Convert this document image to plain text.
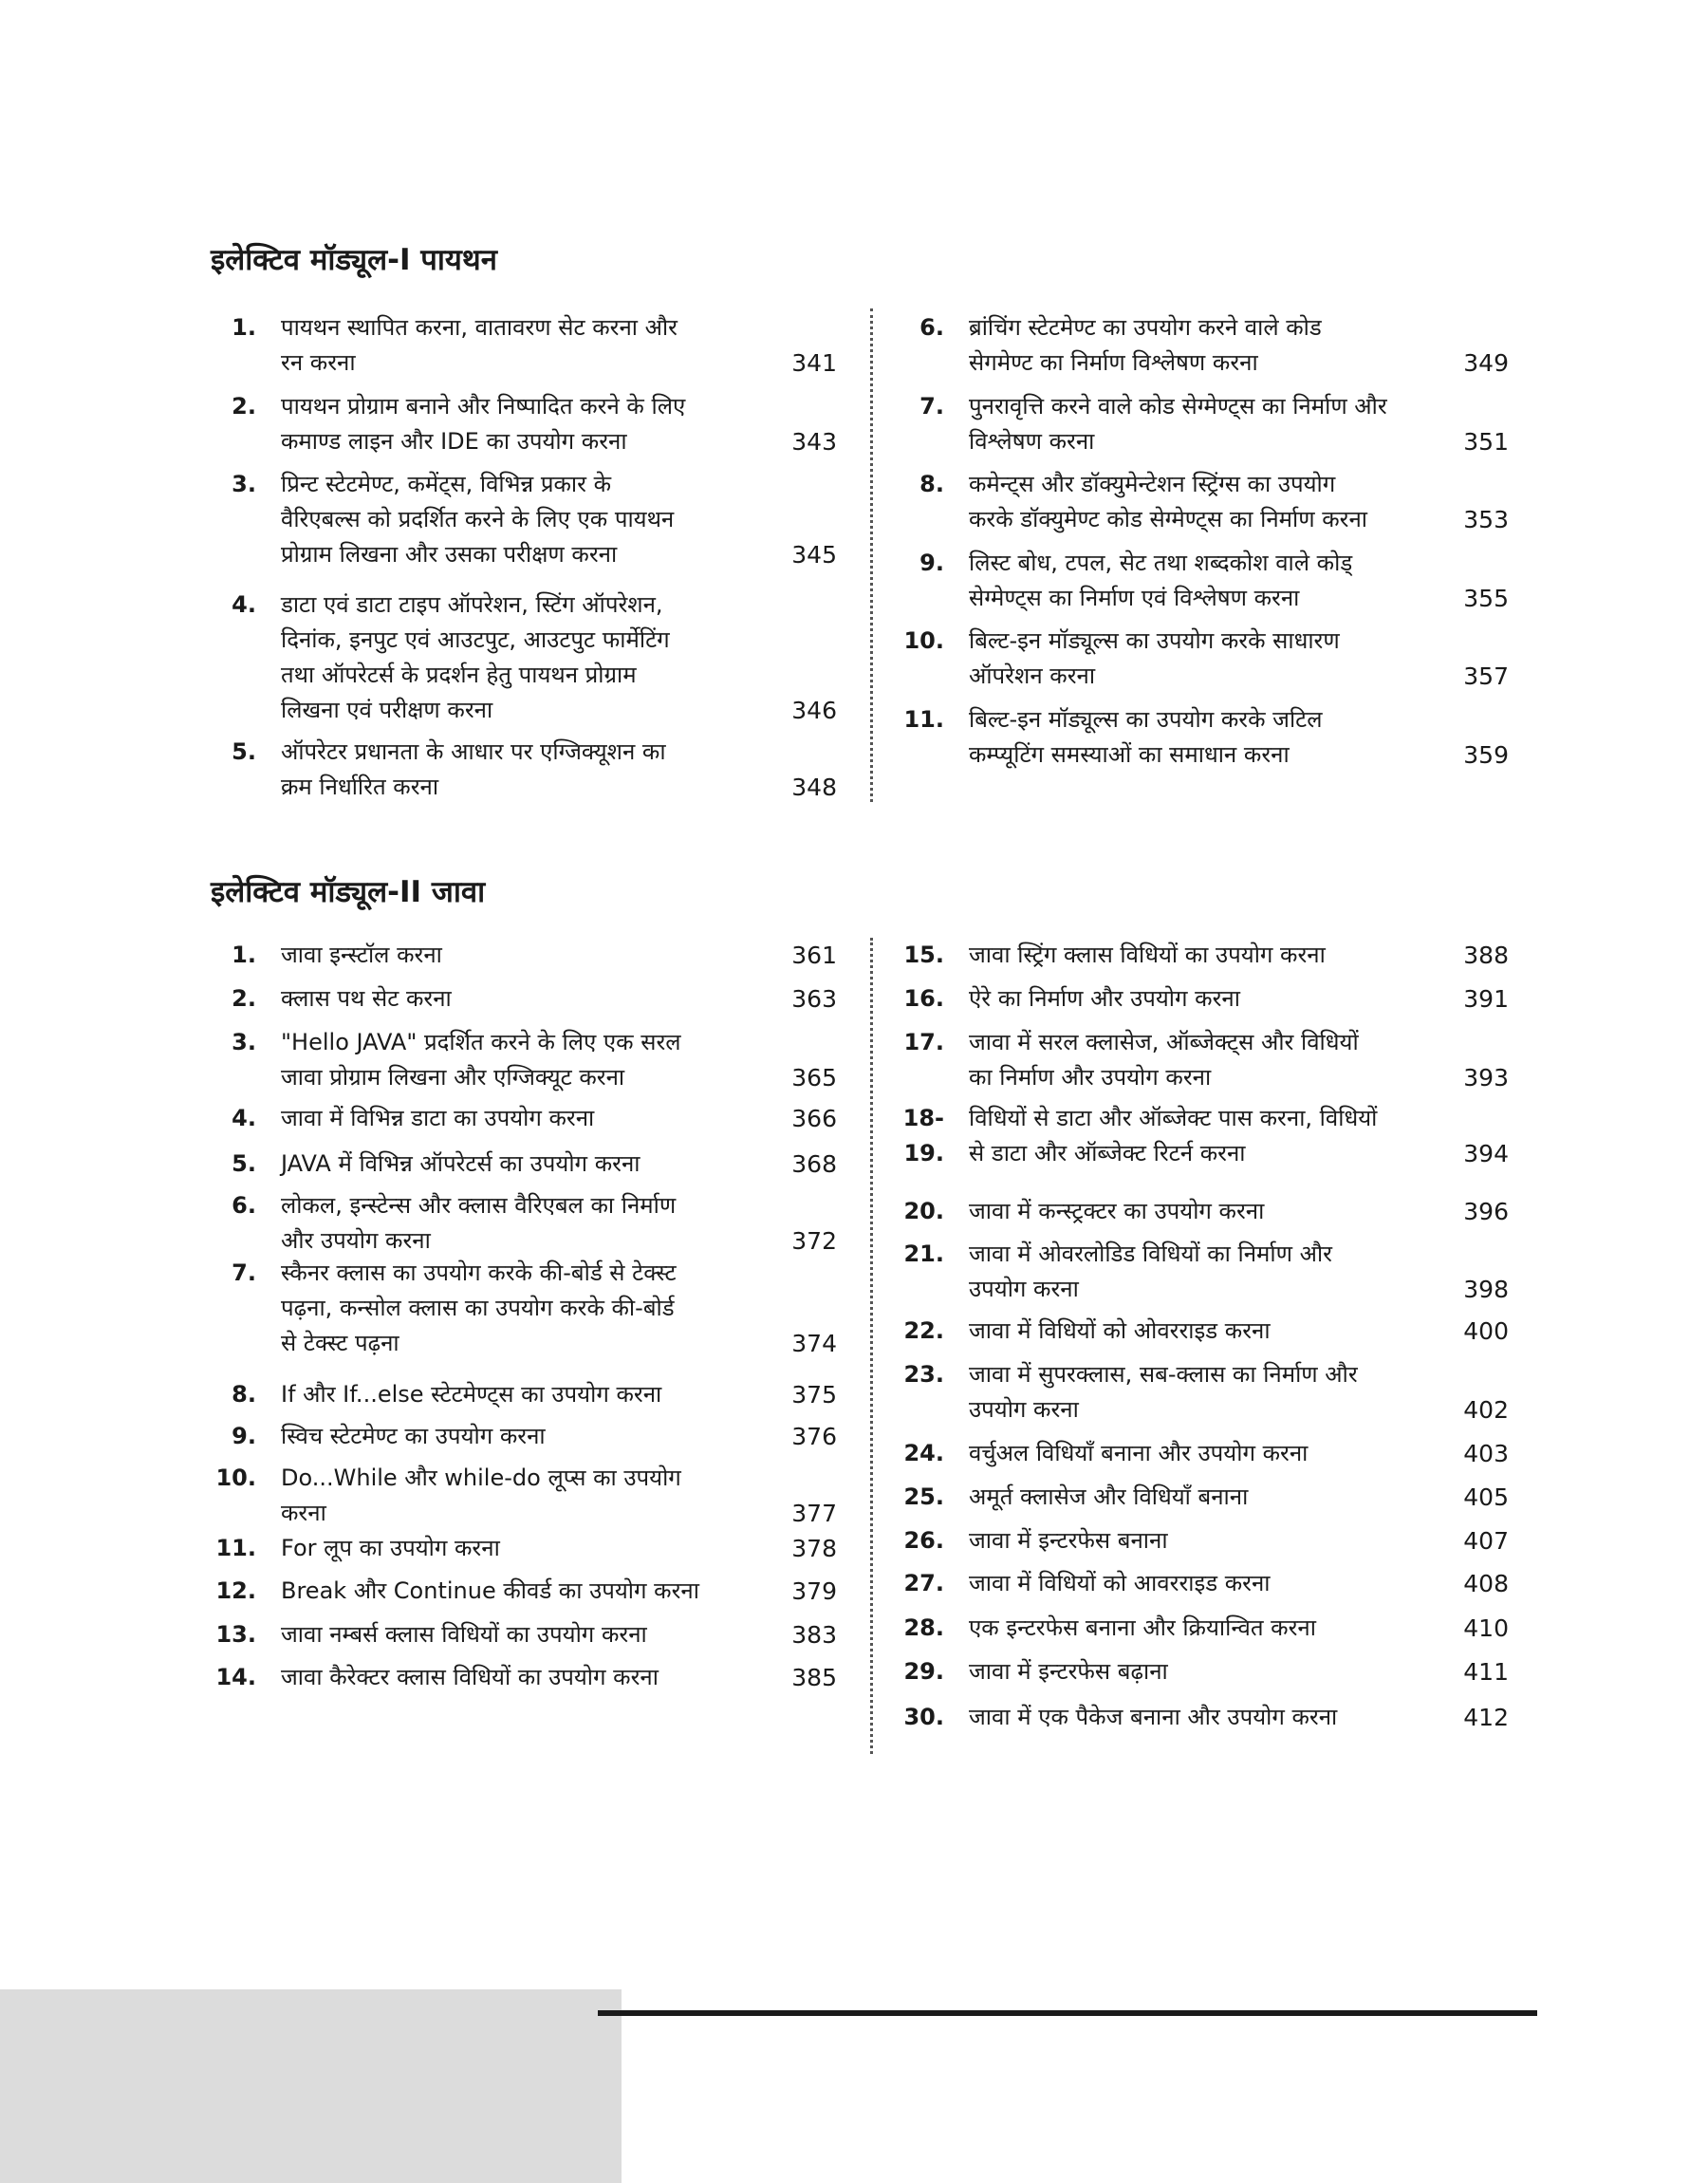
इलेक्टिव मॉड्यूल-I पायथन
1. पायथन स्थापित करना, वातावरण सेट करना और
रन करना	341
2. पायथन प्रोग्राम बनाने और निष्पादित करने के लिए
कमाण्ड लाइन और IDE का उपयोग करना	343
3. प्रिन्ट स्टेटमेण्ट, कमेंट्स, विभिन्न प्रकार के
वैरिएबल्स को प्रदर्शित करने के लिए एक पायथन
प्रोग्राम लिखना और उसका परीक्षण करना	345
4. डाटा एवं डाटा टाइप ऑपरेशन, स्टिंग ऑपरेशन,
दिनांक, इनपुट एवं आउटपुट, आउटपुट फार्मेटिंग
तथा ऑपरेटर्स के प्रदर्शन हेतु पायथन प्रोग्राम
लिखना एवं परीक्षण करना	346
5. ऑपरेटर प्रधानता के आधार पर एग्जिक्यूशन का
क्रम निर्धारित करना	348
6. ब्रांचिंग स्टेटमेण्ट का उपयोग करने वाले कोड
सेगमेण्ट का निर्माण विश्लेषण करना	349
7. पुनरावृत्ति करने वाले कोड सेग्मेण्ट्स का निर्माण और
विश्लेषण करना	351
8. कमेन्ट्स और डॉक्युमेन्टेशन स्ट्रिंग्स का उपयोग
करके डॉक्युमेण्ट कोड सेग्मेण्ट्स का निर्माण करना	353
9. लिस्ट बोध, टपल, सेट तथा शब्दकोश वाले कोड्
सेग्मेण्ट्स का निर्माण एवं विश्लेषण करना	355
10. बिल्ट-इन मॉड्यूल्स का उपयोग करके साधारण
ऑपरेशन करना	357
11. बिल्ट-इन मॉड्यूल्स का उपयोग करके जटिल
कम्प्यूटिंग समस्याओं का समाधान करना	359
इलेक्टिव मॉड्यूल-II जावा
1. जावा इन्स्टॉल करना	361
2. क्लास पथ सेट करना	363
3. "Hello JAVA" प्रदर्शित करने के लिए एक सरल
जावा प्रोग्राम लिखना और एग्जिक्यूट करना	365
4. जावा में विभिन्न डाटा का उपयोग करना	366
5. JAVA में विभिन्न ऑपरेटर्स का उपयोग करना	368
6. लोकल, इन्स्टेन्स और क्लास वैरिएबल का निर्माण
और उपयोग करना	372
7. स्कैनर क्लास का उपयोग करके की-बोर्ड से टेक्स्ट
पढ़ना, कन्सोल क्लास का उपयोग करके की-बोर्ड
से टेक्स्ट पढ़ना	374
8. If और If...else स्टेटमेण्ट्स का उपयोग करना	375
9. स्विच स्टेटमेण्ट का उपयोग करना	376
10. Do...While और while-do लूप्स का उपयोग
करना	377
11. For लूप का उपयोग करना	378
12. Break और Continue कीवर्ड का उपयोग करना	379
13. जावा नम्बर्स क्लास विधियों का उपयोग करना	383
14. जावा कैरेक्टर क्लास विधियों का उपयोग करना	385
15. जावा स्ट्रिंग क्लास विधियों का उपयोग करना	388
16. ऐरे का निर्माण और उपयोग करना	391
17. जावा में सरल क्लासेज, ऑब्जेक्ट्स और विधियों
का निर्माण और उपयोग करना	393
18-19.
विधियों से डाटा और ऑब्जेक्ट पास करना, विधियों
से डाटा और ऑब्जेक्ट रिटर्न करना	394
20. जावा में कन्स्ट्रक्टर का उपयोग करना	396
21. जावा में ओवरलोडिड विधियों का निर्माण और
उपयोग करना	398
22. जावा में विधियों को ओवरराइड करना	400
23. जावा में सुपरक्लास, सब-क्लास का निर्माण और
उपयोग करना	402
24. वर्चुअल विधियाँ बनाना और उपयोग करना	403
25. अमूर्त क्लासेज और विधियाँ बनाना	405
26. जावा में इन्टरफेस बनाना	407
27. जावा में विधियों को आवरराइड करना	408
28. एक इन्टरफेस बनाना और क्रियान्वित करना	410
29. जावा में इन्टरफेस बढ़ाना	411
30. जावा में एक पैकेज बनाना और उपयोग करना	412
